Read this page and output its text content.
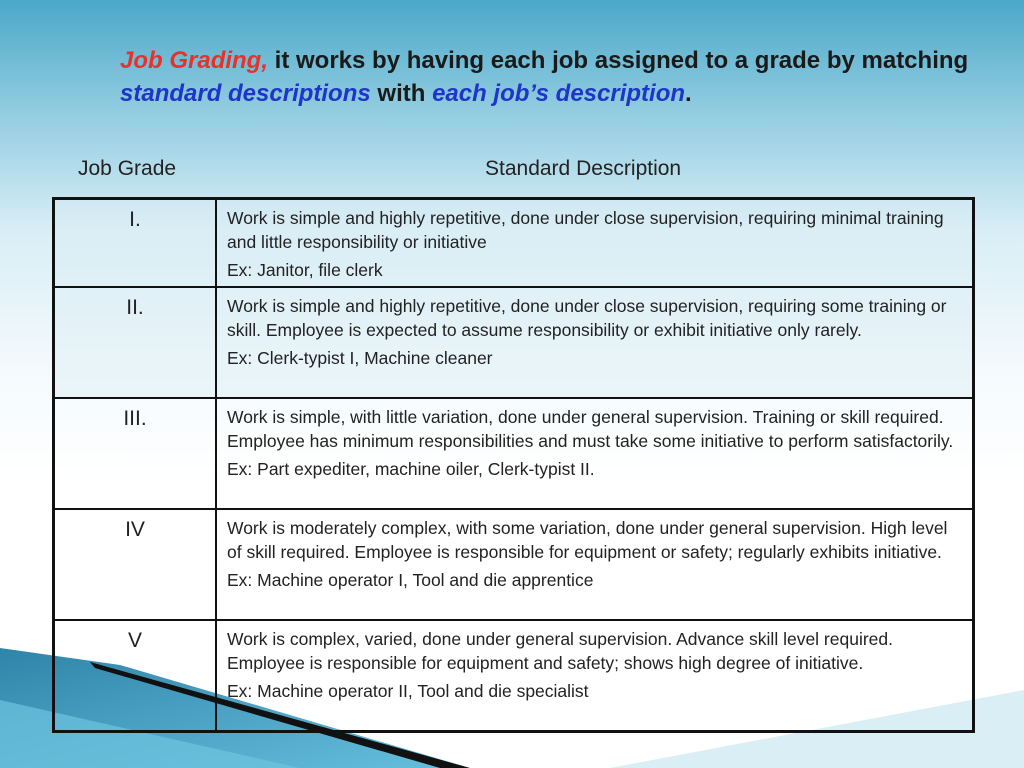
Job Grading, it works by having each job assigned to a grade by matching standard descriptions with each job’s description.
Job Grade	Standard Description
I.	Work is simple and highly repetitive, done under close supervision, requiring minimal training and little responsibility or initiative
Ex: Janitor, file clerk

II.	Work is simple and highly repetitive, done under close supervision, requiring some training or skill. Employee is expected to assume responsibility or exhibit initiative only rarely.
Ex: Clerk-typist I, Machine cleaner

III.	Work is simple, with little variation, done under general supervision. Training or skill required. Employee has minimum responsibilities and must take some initiative to perform satisfactorily.
Ex: Part expediter, machine oiler, Clerk-typist II.

IV	Work is moderately complex, with some variation, done under general supervision. High level of skill required. Employee is responsible for equipment or safety; regularly exhibits initiative.
Ex: Machine operator I, Tool and die apprentice

V	Work is complex, varied, done under general supervision. Advance skill level required. Employee is responsible for equipment and safety; shows high degree of initiative.
Ex: Machine operator II, Tool and die specialist
